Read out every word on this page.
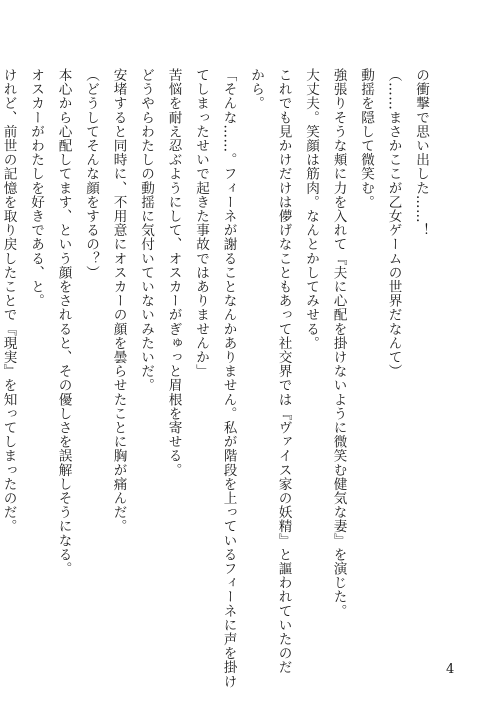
の衝撃で思い出した……！
（……まさかここが乙女ゲームの世界だなんて）
動揺を隠して微笑む。
強張りそうな頬に力を入れて『夫に心配を掛けないように微笑む健気な妻』を演じた。
大丈夫。笑顔は筋肉。なんとかしてみせる。
これでも見かけだけは儚げなこともあって社交界では『ヴァイス家の妖精』と謳われていたのだ
から。
「そんな……。フィーネが謝ることなんかありません。私が階段を上っているフィーネに声を掛け
てしまったせいで起きた事故ではありませんか」
苦悩を耐え忍ぶようにして、オスカーがぎゅっと眉根を寄せる。
どうやらわたしの動揺に気付いていないみたいだ。
安堵すると同時に、不用意にオスカーの顔を曇らせたことに胸が痛んだ。
（どうしてそんな顔をするの？）
本心から心配してます、という顔をされると、その優しさを誤解しそうになる。
オスカーがわたしを好きである、と。
けれど、前世の記憶を取り戻したことで『現実』を知ってしまったのだ。
4
